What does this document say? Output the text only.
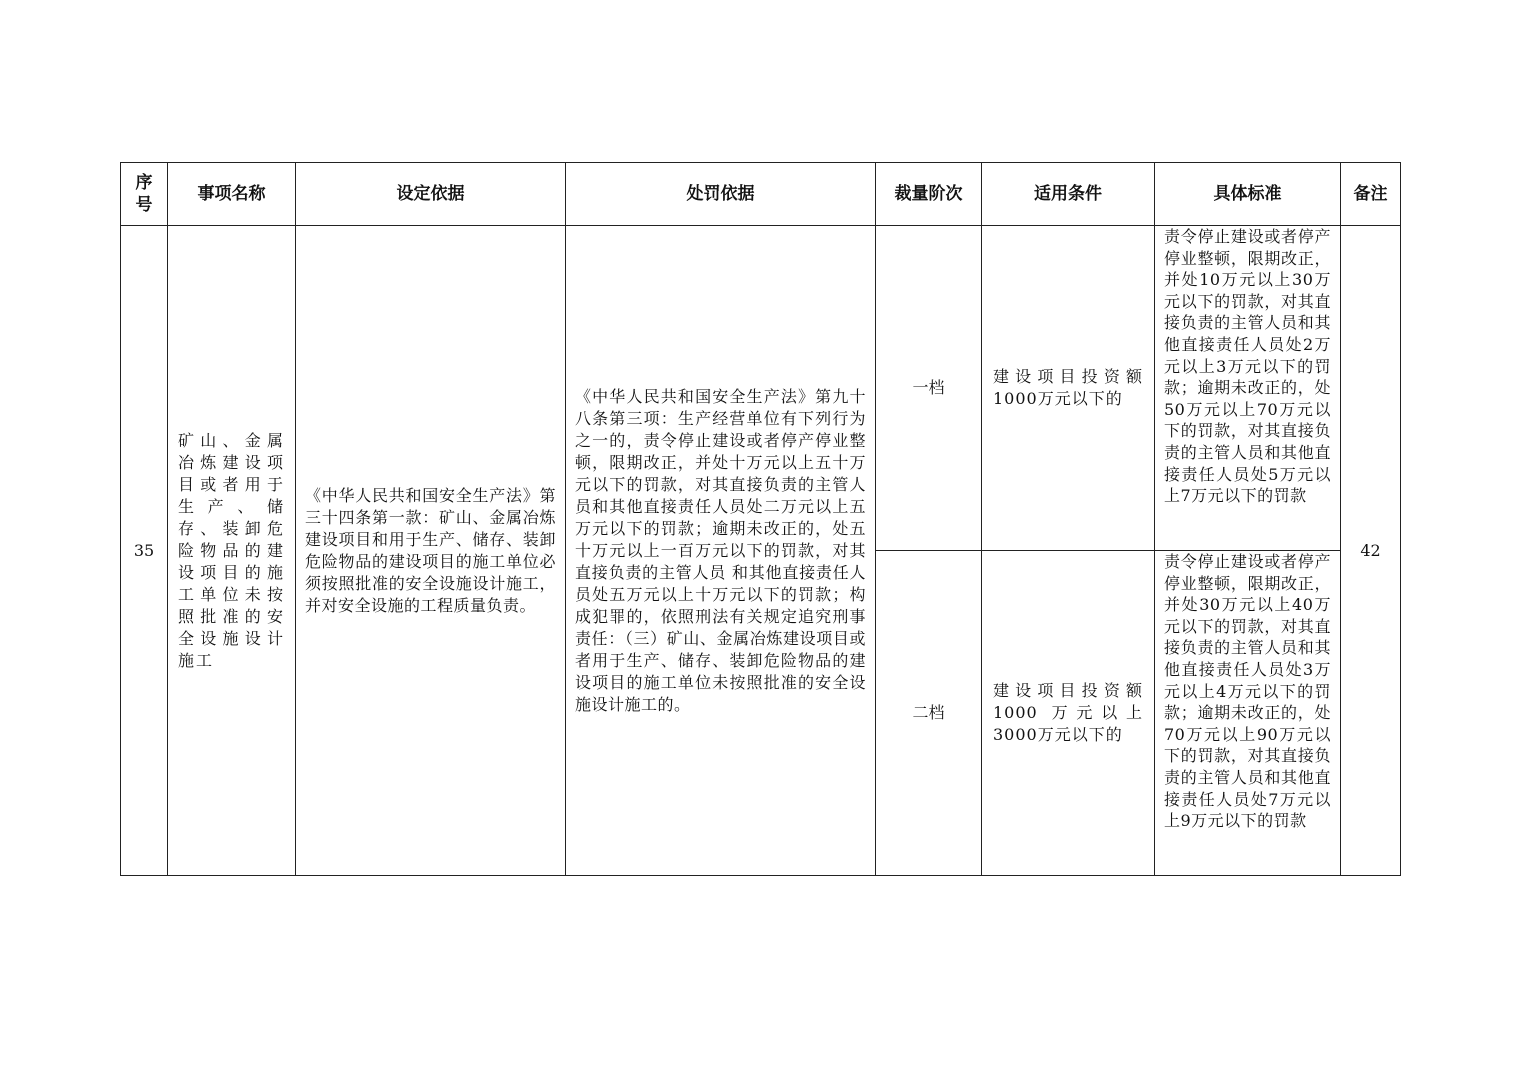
序号	事项名称	设定依据	处罚依据	裁量阶次	适用条件	具体标准	备注
35	矿山、金属冶炼建设项目或者用于生产、储存、装卸危险物品的建设项目的施工单位未按照批准的安全设施设计施工	《中华人民共和国安全生产法》第三十四条第一款：矿山、金属冶炼建设项目和用于生产、储存、装卸危险物品的建设项目的施工单位必须按照批准的安全设施设计施工，并对安全设施的工程质量负责。	《中华人民共和国安全生产法》第九十八条第三项：生产经营单位有下列行为之一的，责令停止建设或者停产停业整顿，限期改正，并处十万元以上五十万元以下的罚款，对其直接负责的主管人员和其他直接责任人员处二万元以上五万元以下的罚款；逾期未改正的，处五十万元以上一百万元以下的罚款，对其直接负责的主管人员 和其他直接责任人员处五万元以上十万元以下的罚款；构成犯罪的，依照刑法有关规定追究刑事责任：（三）矿山、金属冶炼建设项目或者用于生产、储存、装卸危险物品的建设项目的施工单位未按照批准的安全设施设计施工的。	一档	建设项目投资额1000万元以下的	责令停止建设或者停产停业整顿，限期改正，并处10万元以上30万元以下的罚款，对其直接负责的主管人员和其他直接责任人员处2万元以上3万元以下的罚款；逾期未改正的，处50万元以上70万元以下的罚款，对其直接负责的主管人员和其他直接责任人员处5万元以上7万元以下的罚款	42
				二档	建设项目投资额1000 万元以上3000万元以下的	责令停止建设或者停产停业整顿，限期改正，并处30万元以上40万元以下的罚款，对其直接负责的主管人员和其他直接责任人员处3万元以上4万元以下的罚款；逾期未改正的，处70万元以上90万元以下的罚款，对其直接负责的主管人员和其他直接责任人员处7万元以上9万元以下的罚款	
